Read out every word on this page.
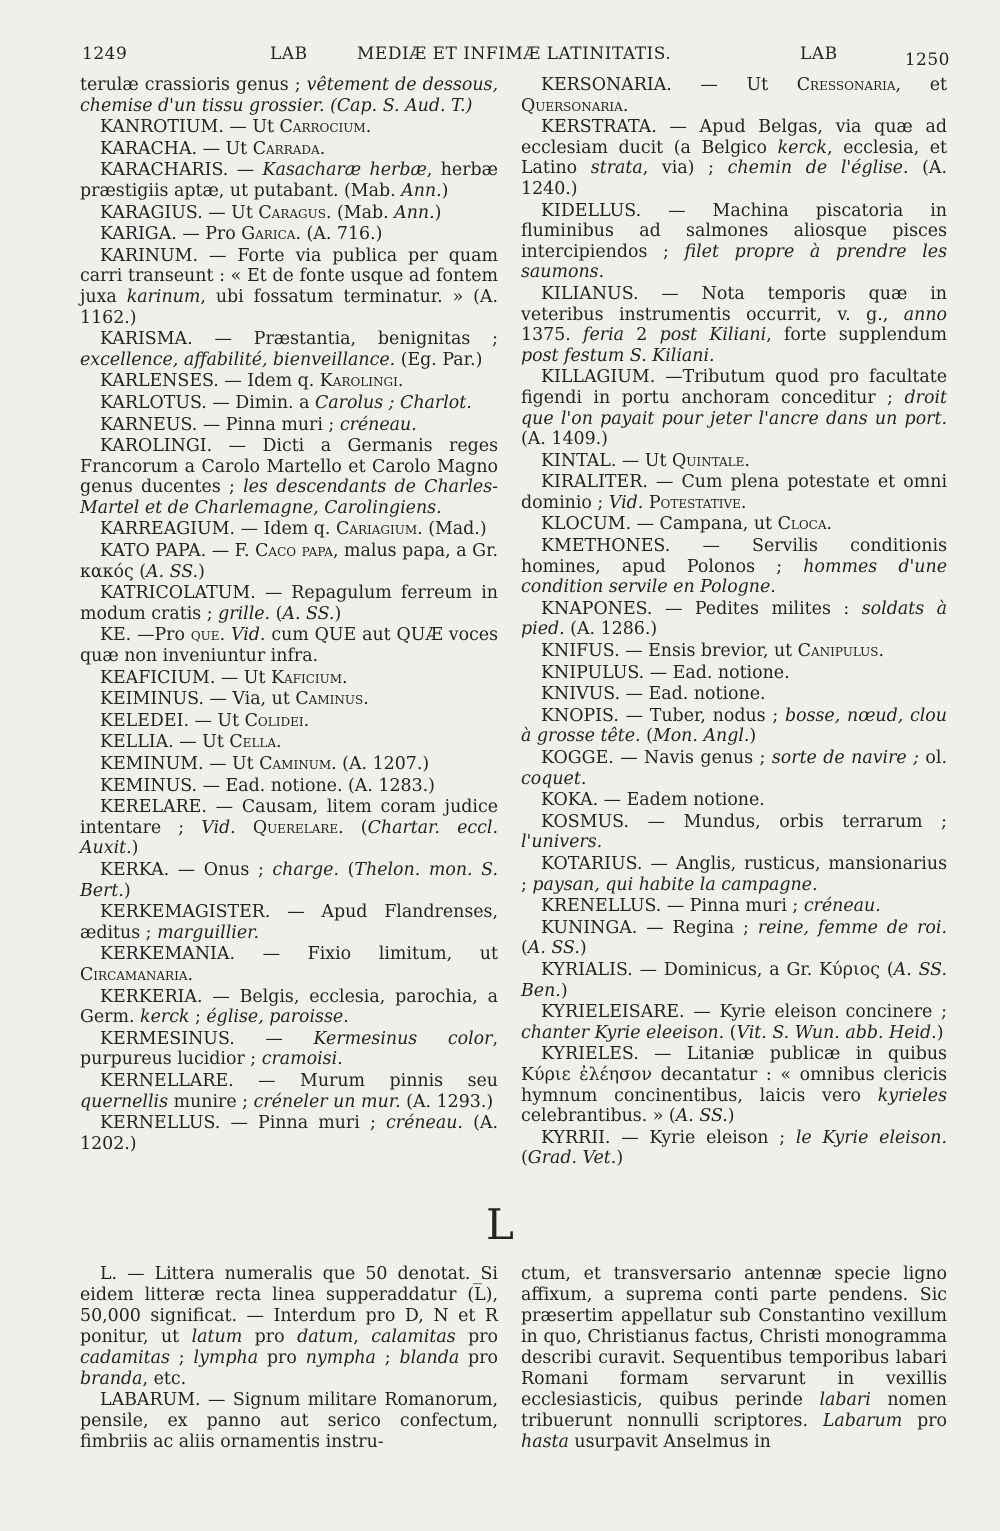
1249	LAB	MEDIÆ ET INFIMÆ LATINITATIS.	LAB	1250
terulæ crassioris genus ; vêtement de dessous, chemise d'un tissu grossier. (Cap. S. Aud. T.)
KANROTIUM. — Ut Carrocium.
KARACHA. — Ut Carrada.
KARACHARIS. — Kasacharæ herbæ, herbæ præstigiis aptæ, ut putabant. (Mab. Ann.)
KARAGIUS. — Ut Caragus. (Mab. Ann.)
KARIGA. — Pro Garica. (A. 716.)
KARINUM. — Forte via publica per quam carri transeunt : « Et de fonte usque ad fontem juxa karinum, ubi fossatum terminatur. » (A. 1162.)
KARISMA. — Præstantia, benignitas ; excellence, affabilité, bienveillance. (Eg. Par.)
KARLENSES. — Idem q. Karolingi.
KARLOTUS. — Dimin. a Carolus ; Charlot.
KARNEUS. — Pinna muri ; créneau.
KAROLINGI. — Dicti a Germanis reges Francorum a Carolo Martello et Carolo Magno genus ducentes ; les descendants de Charles-Martel et de Charlemagne, Carolingiens.
KARREAGIUM. — Idem q. Cariagium. (Mad.)
KATO PAPA. — F. Caco papa, malus papa, a Gr. κακός (A. SS.)
KATRICOLATUM. — Repagulum ferreum in modum cratis ; grille. (A. SS.)
KE. —Pro que. Vid. cum QUE aut QUÆ voces quæ non inveniuntur infra.
KEAFICIUM. — Ut Kaficium.
KEIMINUS. — Via, ut Caminus.
KELEDEI. — Ut Colidei.
KELLIA. — Ut Cella.
KEMINUM. — Ut Caminum. (A. 1207.)
KEMINUS. — Ead. notione. (A. 1283.)
KERELARE. — Causam, litem coram judice intentare ; Vid. Querelare. (Chartar. eccl. Auxit.)
KERKA. — Onus ; charge. (Thelon. mon. S. Bert.)
KERKEMAGISTER. — Apud Flandrenses, æditus ; marguillier.
KERKEMANIA. — Fixio limitum, ut Circamanaria.
KERKERIA. — Belgis, ecclesia, parochia, a Germ. kerck ; église, paroisse.
KERMESINUS. — Kermesinus color, purpureus lucidior ; cramoisi.
KERNELLARE. — Murum pinnis seu quernellis munire ; créneler un mur. (A. 1293.)
KERNELLUS. — Pinna muri ; créneau. (A. 1202.)
KERSONARIA. — Ut Cressonaria, et Quersonaria.
KERSTRATA. — Apud Belgas, via quæ ad ecclesiam ducit (a Belgico kerck, ecclesia, et Latino strata, via) ; chemin de l'église. (A. 1240.)
KIDELLUS. — Machina piscatoria in fluminibus ad salmones aliosque pisces intercipiendos ; filet propre à prendre les saumons.
KILIANUS. — Nota temporis quæ in veteribus instrumentis occurrit, v. g., anno 1375. feria 2 post Kiliani, forte supplendum post festum S. Kiliani.
KILLAGIUM. —Tributum quod pro facultate figendi in portu anchoram conceditur ; droit que l'on payait pour jeter l'ancre dans un port. (A. 1409.)
KINTAL. — Ut Quintale.
KIRALITER. — Cum plena potestate et omni dominio ; Vid. Potestative.
KLOCUM. — Campana, ut Cloca.
KMETHONES. — Servilis conditionis homines, apud Polonos ; hommes d'une condition servile en Pologne.
KNAPONES. — Pedites milites : soldats à pied. (A. 1286.)
KNIFUS. — Ensis brevior, ut Canipulus.
KNIPULUS. — Ead. notione.
KNIVUS. — Ead. notione.
KNOPIS. — Tuber, nodus ; bosse, nœud, clou à grosse tête. (Mon. Angl.)
KOGGE. — Navis genus ; sorte de navire ; ol. coquet.
KOKA. — Eadem notione.
KOSMUS. — Mundus, orbis terrarum ; l'univers.
KOTARIUS. — Anglis, rusticus, mansionarius ; paysan, qui habite la campagne.
KRENELLUS. — Pinna muri ; créneau.
KUNINGA. — Regina ; reine, femme de roi. (A. SS.)
KYRIALIS. — Dominicus, a Gr. Κύριος (A. SS. Ben.)
KYRIELEISARE. — Kyrie eleison concinere ; chanter Kyrie eleeison. (Vit. S. Wun. abb. Heid.)
KYRIELES. — Litaniæ publicæ in quibus Κύριε ἐλέησον decantatur : « omnibus clericis hymnum concinentibus, laicis vero kyrieles celebrantibus. » (A. SS.)
KYRRII. — Kyrie eleison ; le Kyrie eleison. (Grad. Vet.)
L
L. — Littera numeralis que 50 denotat. Si eidem litteræ recta linea supperaddatur (L̅), 50,000 significat. — Interdum pro D, N et R ponitur, ut latum pro datum, calamitas pro cadamitas ; lympha pro nympha ; blanda pro branda, etc.
LABARUM. — Signum militare Romanorum, pensile, ex panno aut serico confectum, fimbriis ac aliis ornamentis instru-
ctum, et transversario antennæ specie ligno affixum, a suprema conti parte pendens. Sic præsertim appellatur sub Constantino vexillum in quo, Christianus factus, Christi monogramma describi curavit. Sequentibus temporibus labari Romani formam servarunt in vexillis ecclesiasticis, quibus perinde labari nomen tribuerunt nonnulli scriptores. Labarum pro hasta usurpavit Anselmus in
